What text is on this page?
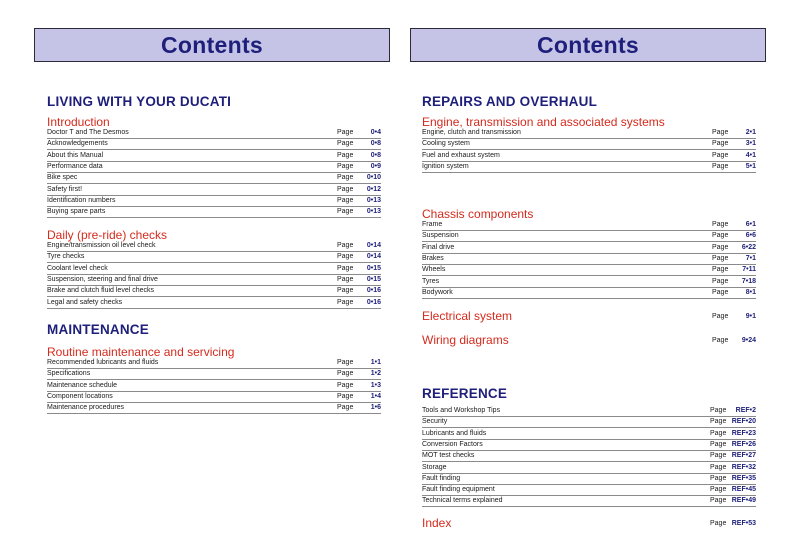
Contents	Contents
LIVING WITH YOUR DUCATI
Introduction
Doctor T and The Desmos	Page	0•4
Acknowledgements	Page	0•8
About this Manual	Page	0•8
Performance data	Page	0•9
Bike spec	Page	0•10
Safety first!	Page	0•12
Identification numbers	Page	0•13
Buying spare parts	Page	0•13
Daily (pre-ride) checks
Engine/transmission oil level check	Page	0•14
Tyre checks	Page	0•14
Coolant level check	Page	0•15
Suspension, steering and final drive	Page	0•15
Brake and clutch fluid level checks	Page	0•16
Legal and safety checks	Page	0•16
MAINTENANCE
Routine maintenance and servicing
Recommended lubricants and fluids	Page	1•1
Specifications	Page	1•2
Maintenance schedule	Page	1•3
Component locations	Page	1•4
Maintenance procedures	Page	1•6
REPAIRS AND OVERHAUL
Engine, transmission and associated systems
Engine, clutch and transmission	Page	2•1
Cooling system	Page	3•1
Fuel and exhaust system	Page	4•1
Ignition system	Page	5•1
Chassis components
Frame	Page	6•1
Suspension	Page	6•6
Final drive	Page	6•22
Brakes	Page	7•1
Wheels	Page	7•11
Tyres	Page	7•18
Bodywork	Page	8•1
Electrical system	Page	9•1
Wiring diagrams	Page	9•24
REFERENCE
Tools and Workshop Tips	Page	REF•2
Security	Page REF•20
Lubricants and fluids	Page REF•23
Conversion Factors	Page REF•26
MOT test checks	Page REF•27
Storage	Page REF•32
Fault finding	Page REF•35
Fault finding equipment	Page REF•45
Technical terms explained	Page REF•49
Index	Page REF•53
